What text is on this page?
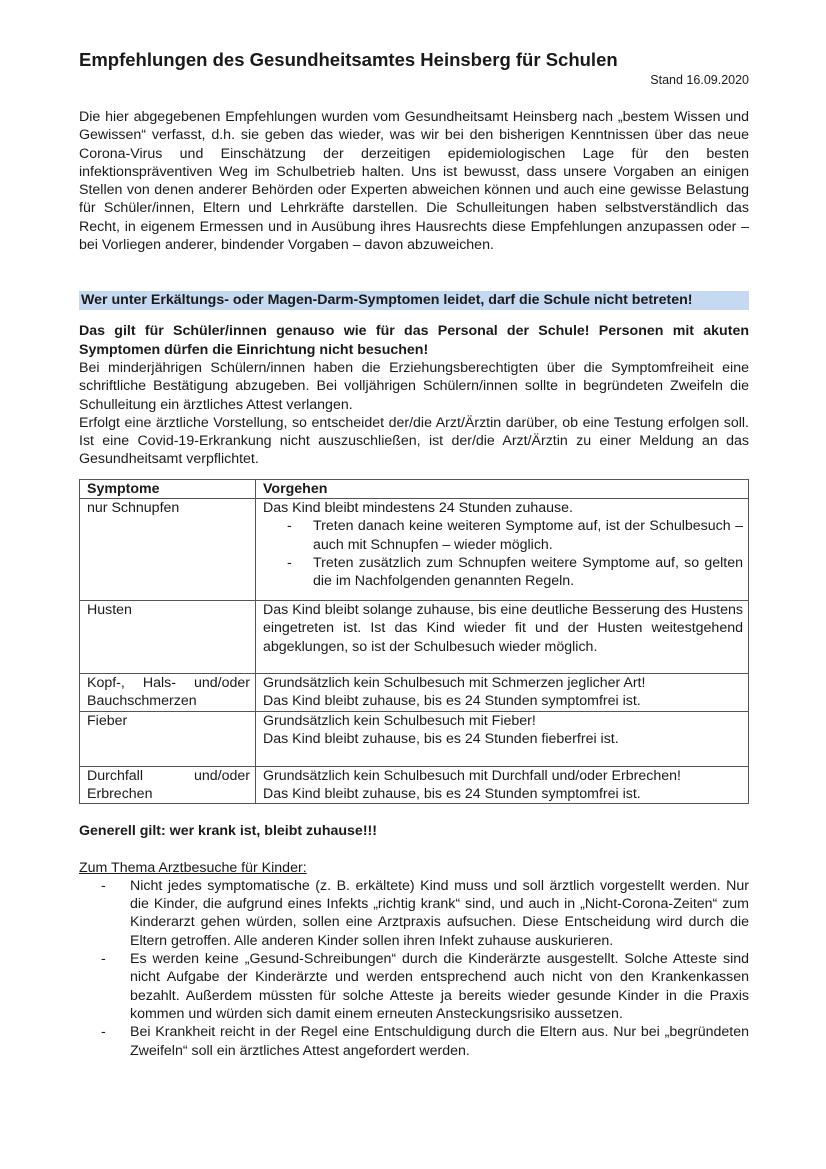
Empfehlungen des Gesundheitsamtes Heinsberg für Schulen
Stand 16.09.2020

Die hier abgegebenen Empfehlungen wurden vom Gesundheitsamt Heinsberg nach „bestem Wissen und Gewissen“ verfasst, d.h. sie geben das wieder, was wir bei den bisherigen Kenntnissen über das neue Corona-Virus und Einschätzung der derzeitigen epidemiologischen Lage für den besten infektionspräventiven Weg im Schulbetrieb halten. Uns ist bewusst, dass unsere Vorgaben an einigen Stellen von denen anderer Behörden oder Experten abweichen können und auch eine gewisse Belastung für Schüler/innen, Eltern und Lehrkräfte darstellen. Die Schulleitungen haben selbstverständlich das Recht, in eigenem Ermessen und in Ausübung ihres Hausrechts diese Empfehlungen anzupassen oder – bei Vorliegen anderer, bindender Vorgaben – davon abzuweichen.

Wer unter Erkältungs- oder Magen-Darm-Symptomen leidet, darf die Schule nicht betreten!

Das gilt für Schüler/innen genauso wie für das Personal der Schule! Personen mit akuten Symptomen dürfen die Einrichtung nicht besuchen!

Bei minderjährigen Schülern/innen haben die Erziehungsberechtigten über die Symptomfreiheit eine schriftliche Bestätigung abzugeben. Bei volljährigen Schülern/innen sollte in begründeten Zweifeln die Schulleitung ein ärztliches Attest verlangen.

Erfolgt eine ärztliche Vorstellung, so entscheidet der/die Arzt/Ärztin darüber, ob eine Testung erfolgen soll. Ist eine Covid-19-Erkrankung nicht auszuschließen, ist der/die Arzt/Ärztin zu einer Meldung an das Gesundheitsamt verpflichtet.

Symptome	Vorgehen
nur Schnupfen	Das Kind bleibt mindestens 24 Stunden zuhause.
- Treten danach keine weiteren Symptome auf, ist der Schulbesuch – auch mit Schnupfen – wieder möglich.
- Treten zusätzlich zum Schnupfen weitere Symptome auf, so gelten die im Nachfolgenden genannten Regeln.

Husten	Das Kind bleibt solange zuhause, bis eine deutliche Besserung des Hustens eingetreten ist. Ist das Kind wieder fit und der Husten weitestgehend abgeklungen, so ist der Schulbesuch wieder möglich.

Kopf-, Hals- und/oder Bauchschmerzen	Grundsätzlich kein Schulbesuch mit Schmerzen jeglicher Art!
Das Kind bleibt zuhause, bis es 24 Stunden symptomfrei ist.

Fieber	Grundsätzlich kein Schulbesuch mit Fieber!
Das Kind bleibt zuhause, bis es 24 Stunden fieberfrei ist.

Durchfall und/oder Erbrechen	Grundsätzlich kein Schulbesuch mit Durchfall und/oder Erbrechen!
Das Kind bleibt zuhause, bis es 24 Stunden symptomfrei ist.

Generell gilt: wer krank ist, bleibt zuhause!!!

Zum Thema Arztbesuche für Kinder:
-	Nicht jedes symptomatische (z. B. erkältete) Kind muss und soll ärztlich vorgestellt werden. Nur die Kinder, die aufgrund eines Infekts „richtig krank“ sind, und auch in „Nicht-Corona-Zeiten“ zum Kinderarzt gehen würden, sollen eine Arztpraxis aufsuchen. Diese Entscheidung wird durch die Eltern getroffen. Alle anderen Kinder sollen ihren Infekt zuhause auskurieren.
-	Es werden keine „Gesund-Schreibungen“ durch die Kinderärzte ausgestellt. Solche Atteste sind nicht Aufgabe der Kinderärzte und werden entsprechend auch nicht von den Krankenkassen bezahlt. Außerdem müssten für solche Atteste ja bereits wieder gesunde Kinder in die Praxis kommen und würden sich damit einem erneuten Ansteckungsrisiko aussetzen.
-	Bei Krankheit reicht in der Regel eine Entschuldigung durch die Eltern aus. Nur bei „begründeten Zweifeln“ soll ein ärztliches Attest angefordert werden.
